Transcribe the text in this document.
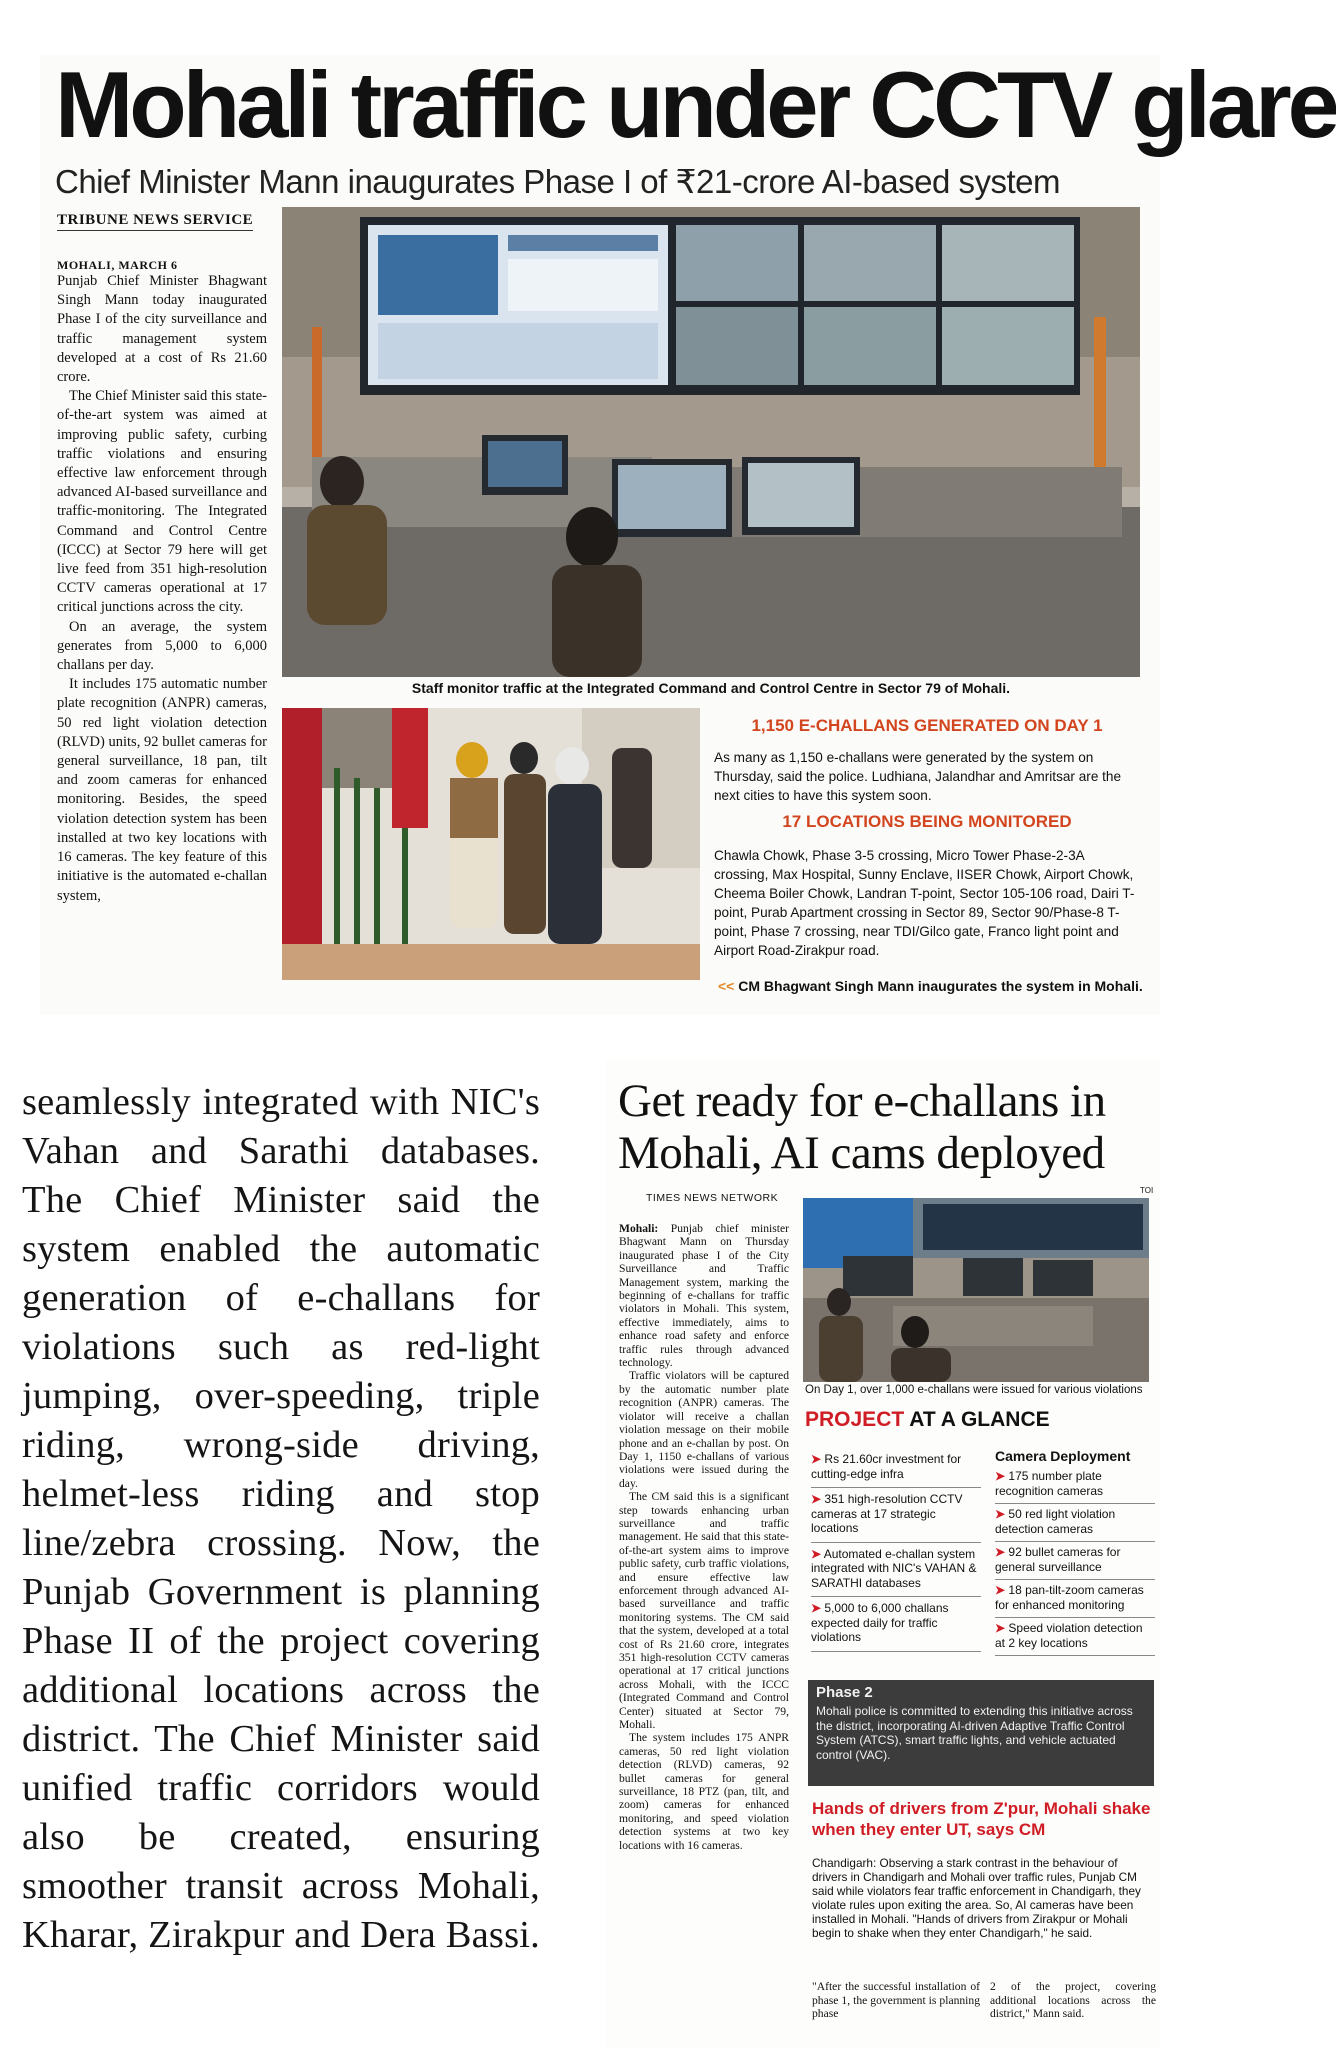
Mohali traffic under CCTV glare
Chief Minister Mann inaugurates Phase I of ₹21-crore AI-based system
TRIBUNE NEWS SERVICE
MOHALI, MARCH 6

Punjab Chief Minister Bhagwant Singh Mann today inaugurated Phase I of the city surveillance and traffic management system developed at a cost of Rs 21.60 crore.

The Chief Minister said this state-of-the-art system was aimed at improving public safety, curbing traffic violations and ensuring effective law enforcement through advanced AI-based surveillance and traffic-monitoring. The Integrated Command and Control Centre (ICCC) at Sector 79 here will get live feed from 351 high-resolution CCTV cameras operational at 17 critical junctions across the city.

On an average, the system generates from 5,000 to 6,000 challans per day.

It includes 175 automatic number plate recognition (ANPR) cameras, 50 red light violation detection (RLVD) units, 92 bullet cameras for general surveillance, 18 pan, tilt and zoom cameras for enhanced monitoring. Besides, the speed violation detection system has been installed at two key locations with 16 cameras. The key feature of this initiative is the automated e-challan system,

Staff monitor traffic at the Integrated Command and Control Centre in Sector 79 of Mohali.
1,150 E-CHALLANS GENERATED ON DAY 1
As many as 1,150 e-challans were generated by the system on Thursday, said the police. Ludhiana, Jalandhar and Amritsar are the next cities to have this system soon.
17 LOCATIONS BEING MONITORED
Chawla Chowk, Phase 3-5 crossing, Micro Tower Phase-2-3A crossing, Max Hospital, Sunny Enclave, IISER Chowk, Airport Chowk, Cheema Boiler Chowk, Landran T-point, Sector 105-106 road, Dairi T-point, Purab Apartment crossing in Sector 89, Sector 90/Phase-8 T-point, Phase 7 crossing, near TDI/Gilco gate, Franco light point and Airport Road-Zirakpur road.
<< CM Bhagwant Singh Mann inaugurates the system in Mohali.
seamlessly integrated with NIC's Vahan and Sarathi databases. The Chief Minister said the system enabled the automatic generation of e-challans for violations such as red-light jumping, over-speeding, triple riding, wrong-side driving, helmet-less riding and stop line/zebra crossing. Now, the Punjab Government is planning Phase II of the project covering additional locations across the district. The Chief Minister said unified traffic corridors would also be created, ensuring smoother transit across Mohali, Kharar, Zirakpur and Dera Bassi.
Get ready for e-challans in Mohali, AI cams deployed
TIMES NEWS NETWORK
TOI

Mohali: Punjab chief minister Bhagwant Mann on Thursday inaugurated phase I of the City Surveillance and Traffic Management system, marking the beginning of e-challans for traffic violators in Mohali. This system, effective immediately, aims to enhance road safety and enforce traffic rules through advanced technology.

Traffic violators will be captured by the automatic number plate recognition (ANPR) cameras. The violator will receive a challan violation message on their mobile phone and an e-challan by post. On Day 1, 1150 e-challans of various violations were issued during the day.

The CM said this is a significant step towards enhancing urban surveillance and traffic management. He said that this state-of-the-art system aims to improve public safety, curb traffic violations, and ensure effective law enforcement through advanced AI-based surveillance and traffic monitoring systems. The CM said that the system, developed at a total cost of Rs 21.60 crore, integrates 351 high-resolution CCTV cameras operational at 17 critical junctions across Mohali, with the ICCC (Integrated Command and Control Center) situated at Sector 79, Mohali.

The system includes 175 ANPR cameras, 50 red light violation detection (RLVD) cameras, 92 bullet cameras for general surveillance, 18 PTZ (pan, tilt, and zoom) cameras for enhanced monitoring, and speed violation detection systems at two key locations with 16 cameras.

On Day 1, over 1,000 e-challans were issued for various violations
PROJECT AT A GLANCE
➤ Rs 21.60cr investment for cutting-edge infra
➤ 351 high-resolution CCTV cameras at 17 strategic locations
➤ Automated e-challan system integrated with NIC's VAHAN & SARATHI databases
➤ 5,000 to 6,000 challans expected daily for traffic violations
Camera Deployment
➤ 175 number plate recognition cameras
➤ 50 red light violation detection cameras
➤ 92 bullet cameras for general surveillance
➤ 18 pan-tilt-zoom cameras for enhanced monitoring
➤ Speed violation detection at 2 key locations
Phase 2
Mohali police is committed to extending this initiative across the district, incorporating AI-driven Adaptive Traffic Control System (ATCS), smart traffic lights, and vehicle actuated control (VAC).
Hands of drivers from Z'pur, Mohali shake when they enter UT, says CM
Chandigarh: Observing a stark contrast in the behaviour of drivers in Chandigarh and Mohali over traffic rules, Punjab CM said while violators fear traffic enforcement in Chandigarh, they violate rules upon exiting the area. So, AI cameras have been installed in Mohali. "Hands of drivers from Zirakpur or Mohali begin to shake when they enter Chandigarh," he said.
"After the successful installation of phase 1, the government is planning phase
2 of the project, covering additional locations across the district," Mann said.
